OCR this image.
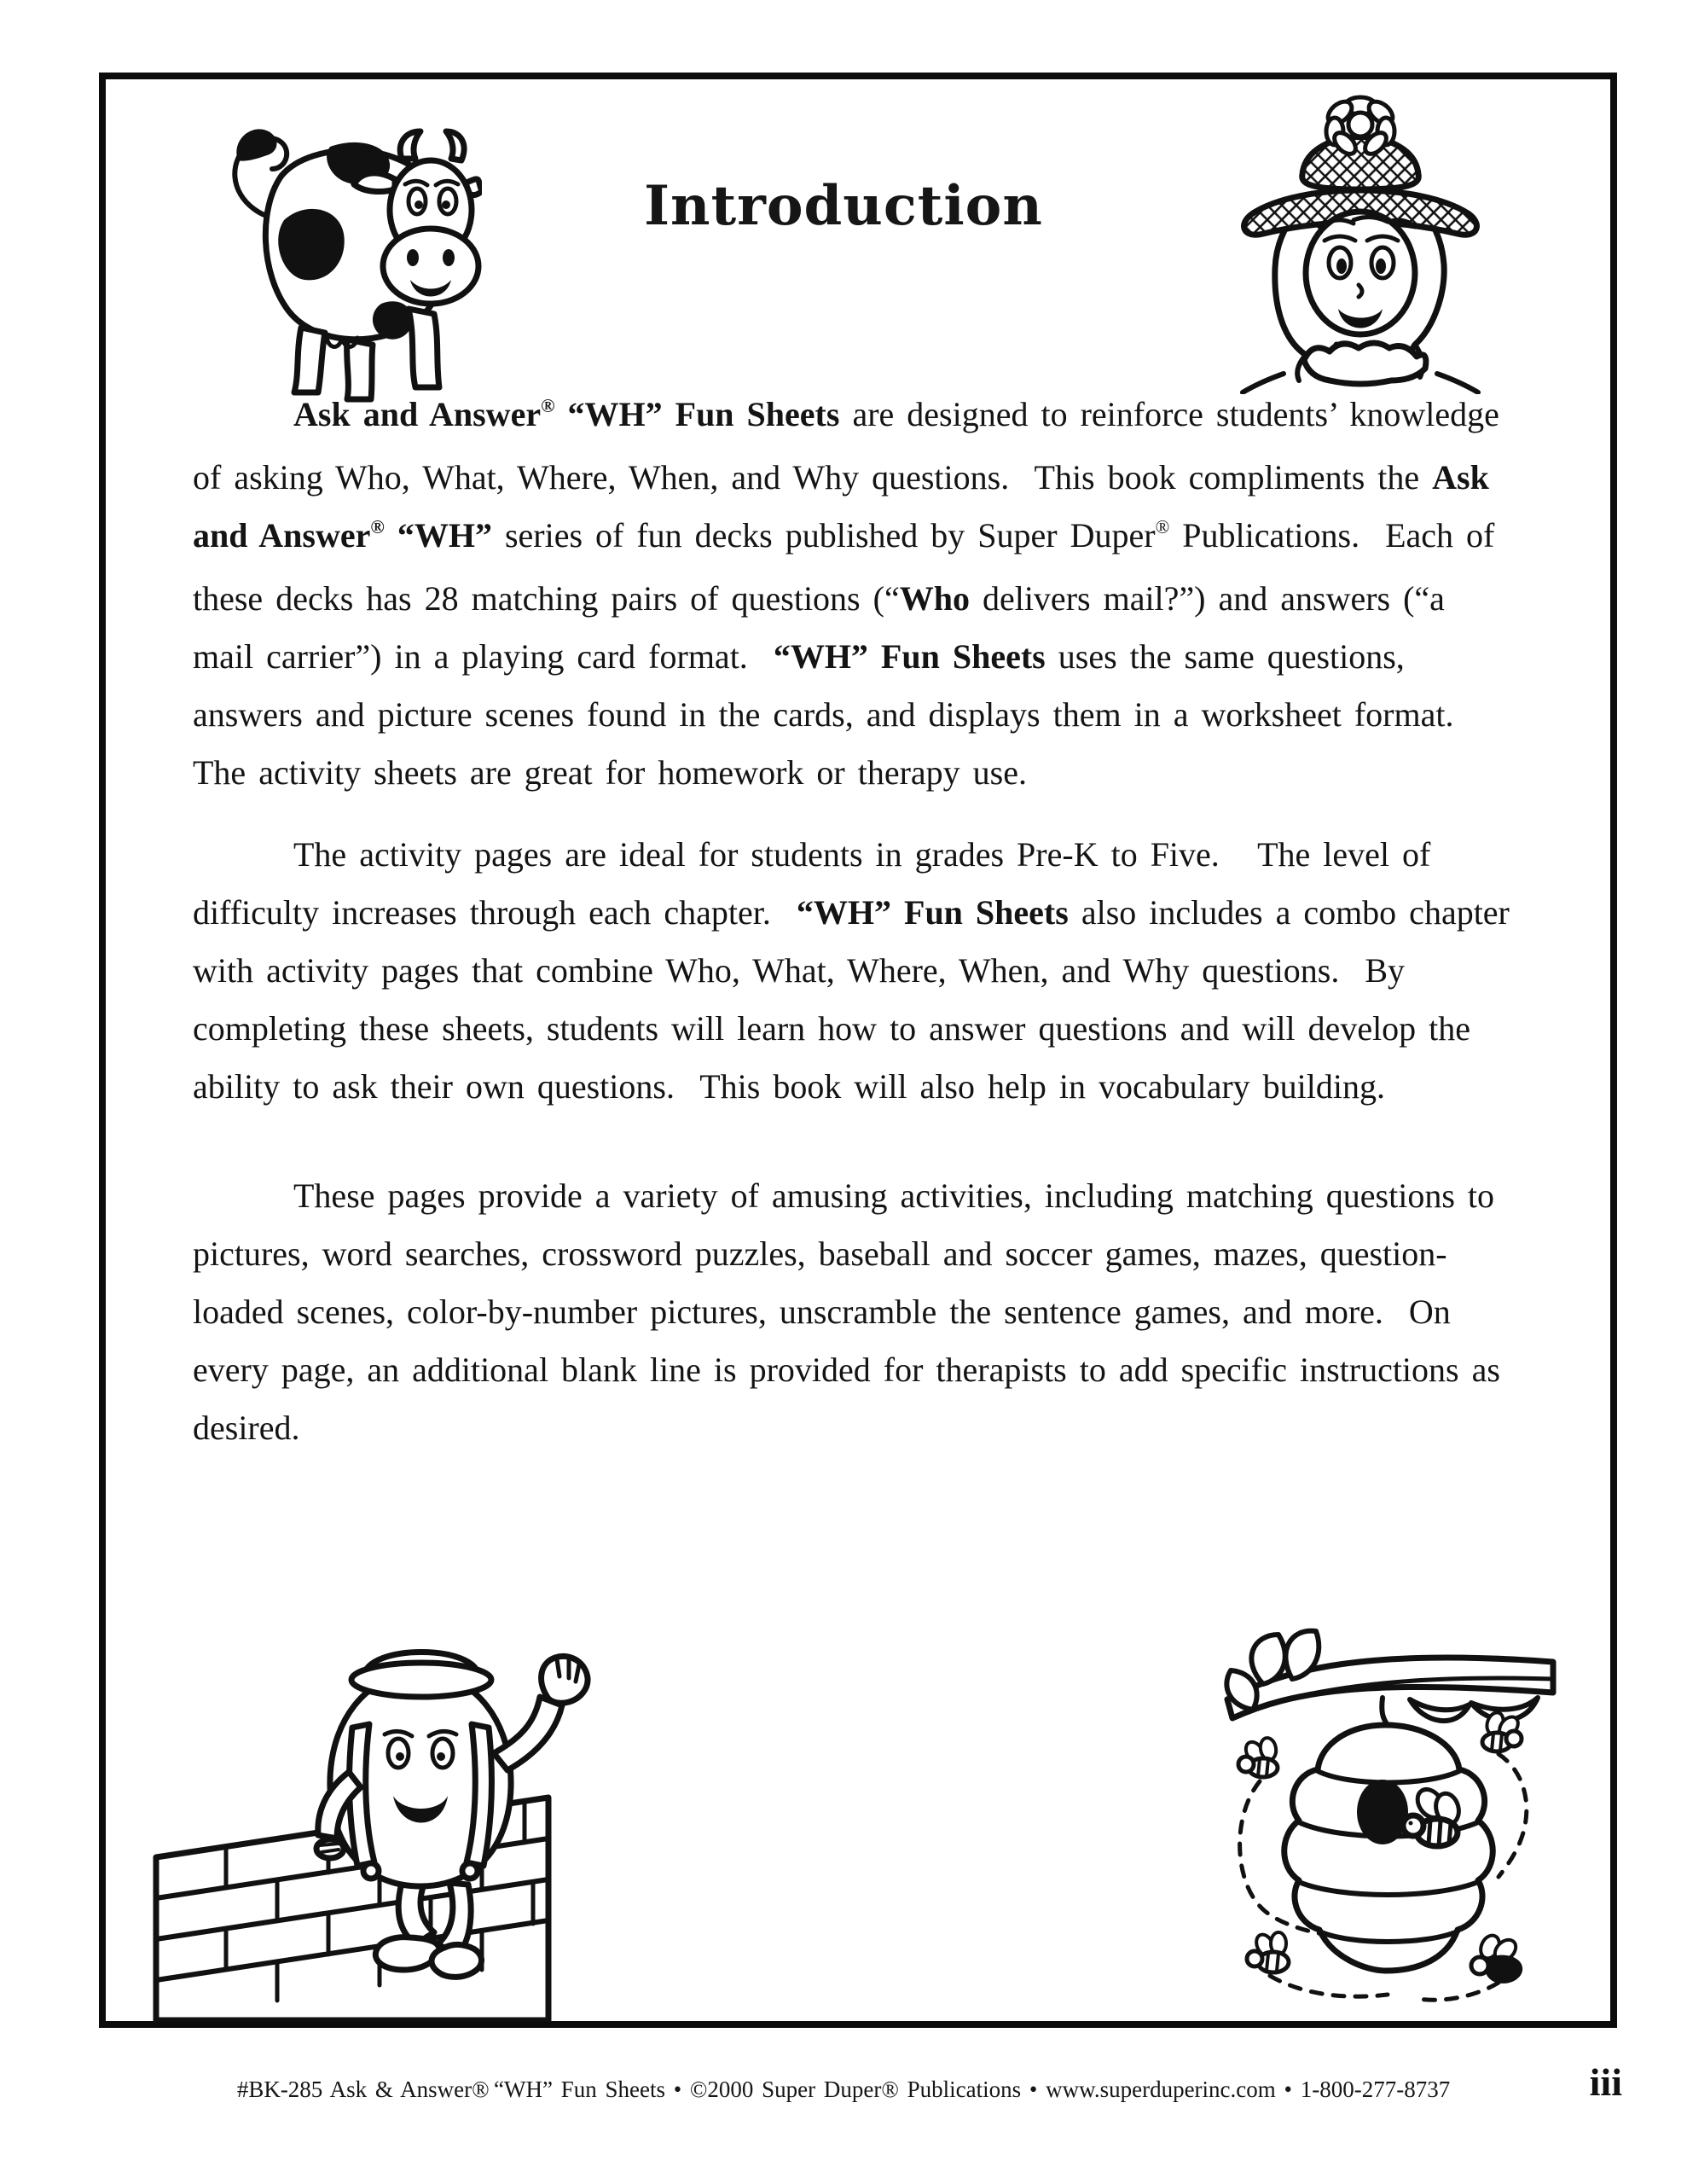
Introduction

Ask and Answer® “WH” Fun Sheets are designed to reinforce students’ knowledge of asking Who, What, Where, When, and Why questions.  This book compliments the Ask and Answer® “WH” series of fun decks published by Super Duper® Publications.  Each of these decks has 28 matching pairs of questions (“Who delivers mail?”) and answers (“a mail carrier”) in a playing card format.  “WH” Fun Sheets uses the same questions, answers and picture scenes found in the cards, and displays them in a worksheet format.  The activity sheets are great for homework or therapy use.

The activity pages are ideal for students in grades Pre-K to Five.   The level of difficulty increases through each chapter.  “WH” Fun Sheets also includes a combo chapter with activity pages that combine Who, What, Where, When, and Why questions.  By completing these sheets, students will learn how to answer questions and will develop the ability to ask their own questions.  This book will also help in vocabulary building.

These pages provide a variety of amusing activities, including matching questions to pictures, word searches, crossword puzzles, baseball and soccer games, mazes, question-loaded scenes, color-by-number pictures, unscramble the sentence games, and more.  On every page, an additional blank line is provided for therapists to add specific instructions as desired.

#BK-285 Ask & Answer® “WH” Fun Sheets • ©2000 Super Duper® Publications • www.superduperinc.com • 1-800-277-8737	iii
